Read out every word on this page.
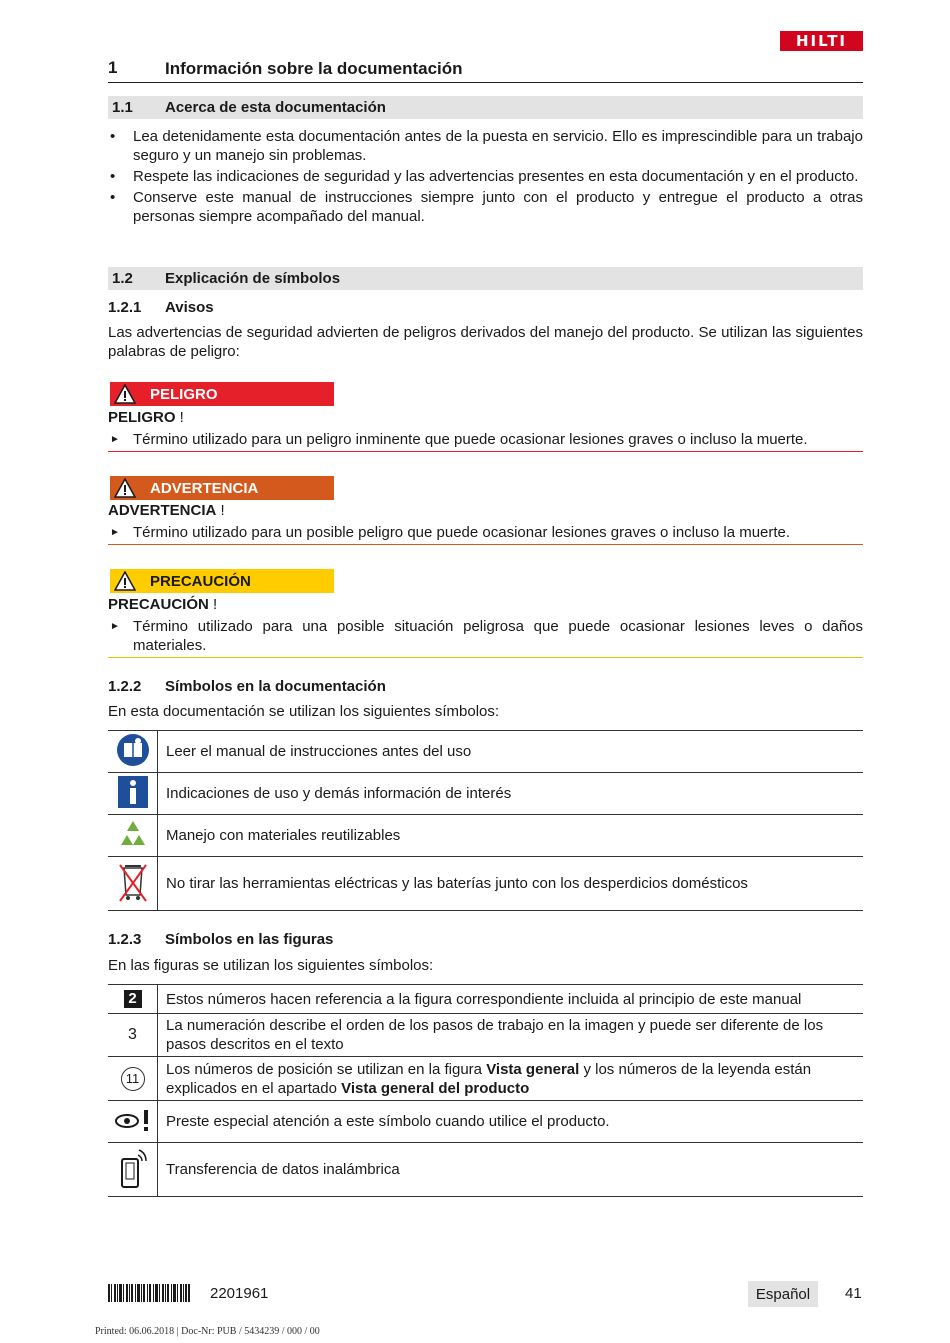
HILTI
1	Información sobre la documentación
1.1 Acerca de esta documentación
• Lea detenidamente esta documentación antes de la puesta en servicio. Ello es imprescindible para un trabajo seguro y un manejo sin problemas.
• Respete las indicaciones de seguridad y las advertencias presentes en esta documentación y en el producto.
• Conserve este manual de instrucciones siempre junto con el producto y entregue el producto a otras personas siempre acompañado del manual.
1.2 Explicación de símbolos
1.2.1 Avisos
Las advertencias de seguridad advierten de peligros derivados del manejo del producto. Se utilizan las siguientes palabras de peligro:
PELIGRO
PELIGRO !
► Término utilizado para un peligro inminente que puede ocasionar lesiones graves o incluso la muerte.
ADVERTENCIA
ADVERTENCIA !
► Término utilizado para un posible peligro que puede ocasionar lesiones graves o incluso la muerte.
PRECAUCIÓN
PRECAUCIÓN !
► Término utilizado para una posible situación peligrosa que puede ocasionar lesiones leves o daños materiales.
1.2.2 Símbolos en la documentación
En esta documentación se utilizan los siguientes símbolos:
	Leer el manual de instrucciones antes del uso
	Indicaciones de uso y demás información de interés
	Manejo con materiales reutilizables
	No tirar las herramientas eléctricas y las baterías junto con los desperdicios domésticos
1.2.3 Símbolos en las figuras
En las figuras se utilizan los siguientes símbolos:
2	Estos números hacen referencia a la figura correspondiente incluida al principio de este manual
3	La numeración describe el orden de los pasos de trabajo en la imagen y puede ser diferente de los pasos descritos en el texto
11	Los números de posición se utilizan en la figura Vista general y los números de la leyenda están explicados en el apartado Vista general del producto
	Preste especial atención a este símbolo cuando utilice el producto.
	Transferencia de datos inalámbrica
2201961	Español	41
Printed: 06.06.2018 | Doc-Nr: PUB / 5434239 / 000 / 00
